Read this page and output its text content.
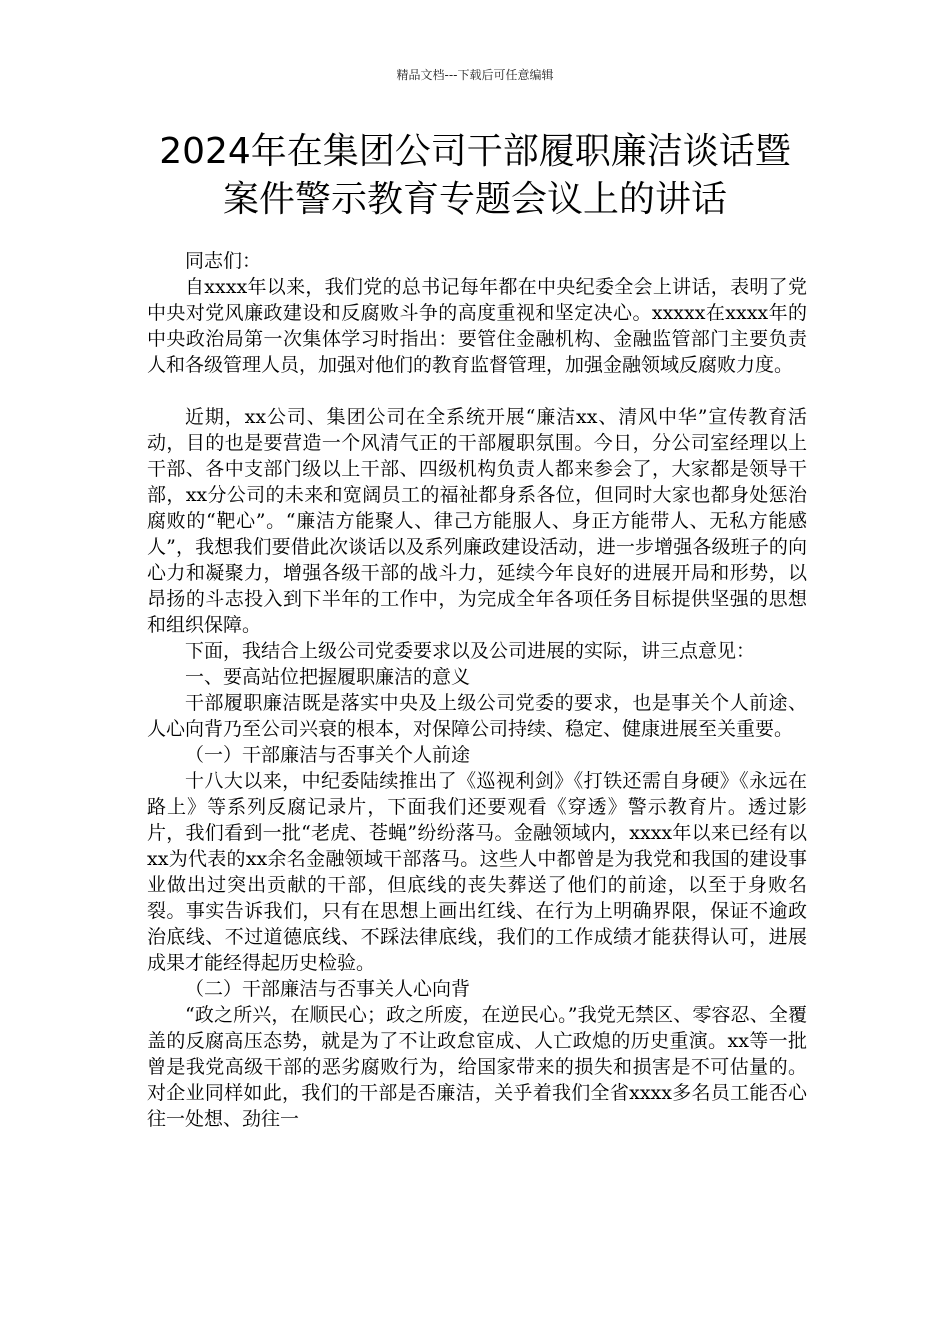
精品文档---下载后可任意编辑
2024年在集团公司干部履职廉洁谈话暨
案件警示教育专题会议上的讲话

同志们：

自xxxx年以来，我们党的总书记每年都在中央纪委全会上讲话，表明了党中央对党风廉政建设和反腐败斗争的高度重视和坚定决心。xxxxx在xxxx年的中央政治局第一次集体学习时指出：要管住金融机构、金融监管部门主要负责人和各级管理人员，加强对他们的教育监督管理，加强金融领域反腐败力度。

近期，xx公司、集团公司在全系统开展“廉洁xx、清风中华”宣传教育活动，目的也是要营造一个风清气正的干部履职氛围。今日，分公司室经理以上干部、各中支部门级以上干部、四级机构负责人都来参会了，大家都是领导干部，xx分公司的未来和宽阔员工的福祉都身系各位，但同时大家也都身处惩治腐败的“靶心”。“廉洁方能聚人、律己方能服人、身正方能带人、无私方能感人”，我想我们要借此次谈话以及系列廉政建设活动，进一步增强各级班子的向心力和凝聚力，增强各级干部的战斗力，延续今年良好的进展开局和形势，以昂扬的斗志投入到下半年的工作中，为完成全年各项任务目标提供坚强的思想和组织保障。

下面，我结合上级公司党委要求以及公司进展的实际，讲三点意见：

一、要高站位把握履职廉洁的意义

干部履职廉洁既是落实中央及上级公司党委的要求，也是事关个人前途、人心向背乃至公司兴衰的根本，对保障公司持续、稳定、健康进展至关重要。

（一）干部廉洁与否事关个人前途

十八大以来，中纪委陆续推出了《巡视利剑》《打铁还需自身硬》《永远在路上》等系列反腐记录片，下面我们还要观看《穿透》警示教育片。透过影片，我们看到一批“老虎、苍蝇”纷纷落马。金融领域内，xxxx年以来已经有以xx为代表的xx余名金融领域干部落马。这些人中都曾是为我党和我国的建设事业做出过突出贡献的干部，但底线的丧失葬送了他们的前途，以至于身败名裂。事实告诉我们，只有在思想上画出红线、在行为上明确界限，保证不逾政治底线、不过道德底线、不踩法律底线，我们的工作成绩才能获得认可，进展成果才能经得起历史检验。

（二）干部廉洁与否事关人心向背

“政之所兴，在顺民心；政之所废，在逆民心。”我党无禁区、零容忍、全覆盖的反腐高压态势，就是为了不让政怠宦成、人亡政熄的历史重演。xx等一批曾是我党高级干部的恶劣腐败行为，给国家带来的损失和损害是不可估量的。对企业同样如此，我们的干部是否廉洁，关乎着我们全省xxxx多名员工能否心往一处想、劲往一
